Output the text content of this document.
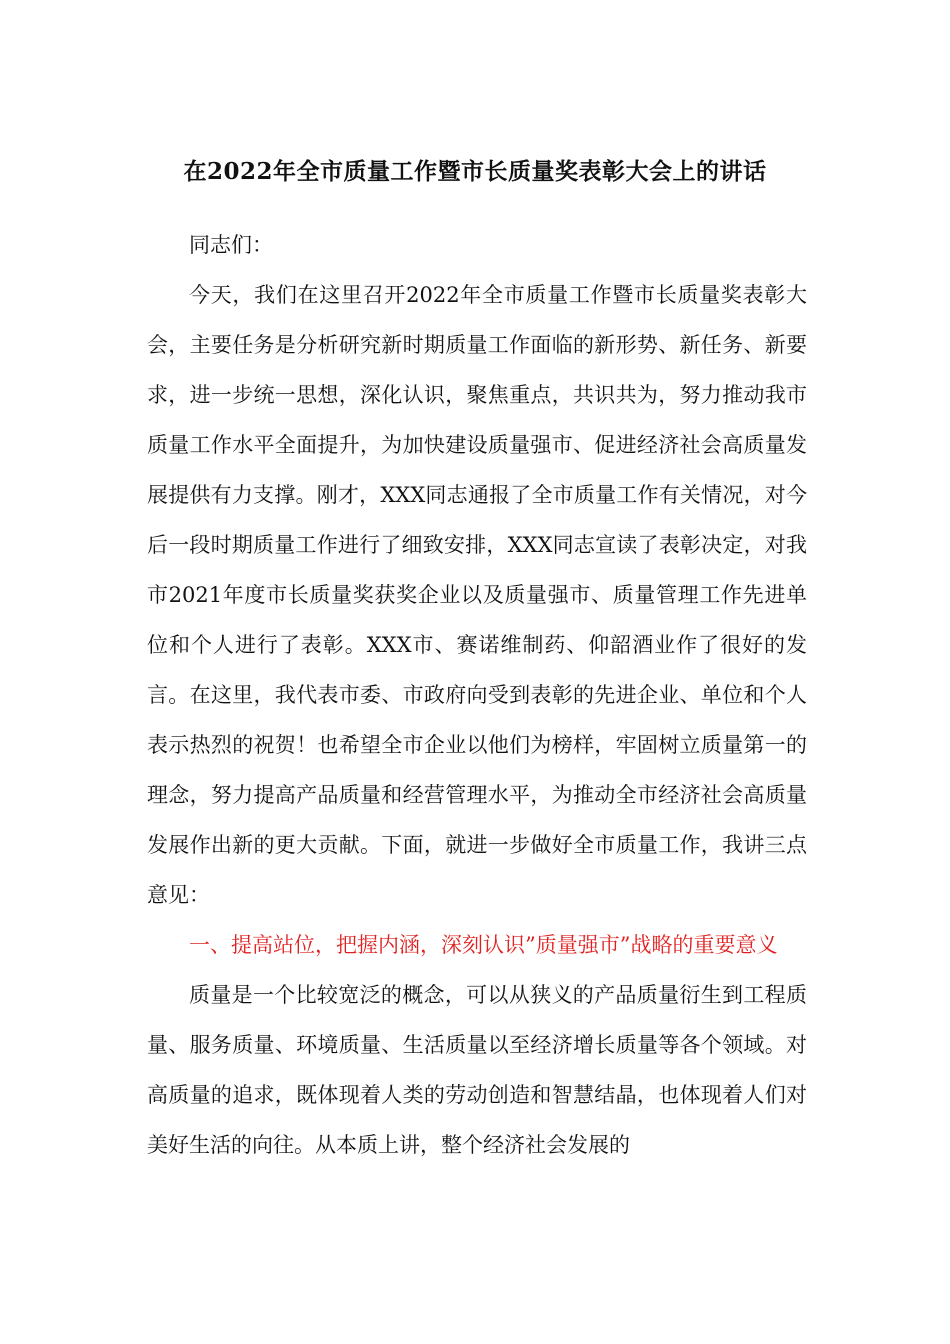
在2022年全市质量工作暨市长质量奖表彰大会上的讲话

同志们：

今天，我们在这里召开2022年全市质量工作暨市长质量奖表彰大会，主要任务是分析研究新时期质量工作面临的新形势、新任务、新要求，进一步统一思想，深化认识，聚焦重点，共识共为，努力推动我市质量工作水平全面提升，为加快建设质量强市、促进经济社会高质量发展提供有力支撑。刚才，XXX同志通报了全市质量工作有关情况，对今后一段时期质量工作进行了细致安排，XXX同志宣读了表彰决定，对我市2021年度市长质量奖获奖企业以及质量强市、质量管理工作先进单位和个人进行了表彰。XXX市、赛诺维制药、仰韶酒业作了很好的发言。在这里，我代表市委、市政府向受到表彰的先进企业、单位和个人表示热烈的祝贺！也希望全市企业以他们为榜样，牢固树立质量第一的理念，努力提高产品质量和经营管理水平，为推动全市经济社会高质量发展作出新的更大贡献。下面，就进一步做好全市质量工作，我讲三点意见：

一、提高站位，把握内涵，深刻认识”质量强市”战略的重要意义

质量是一个比较宽泛的概念，可以从狭义的产品质量衍生到工程质量、服务质量、环境质量、生活质量以至经济增长质量等各个领域。对高质量的追求，既体现着人类的劳动创造和智慧结晶，也体现着人们对美好生活的向往。从本质上讲，整个经济社会发展的
